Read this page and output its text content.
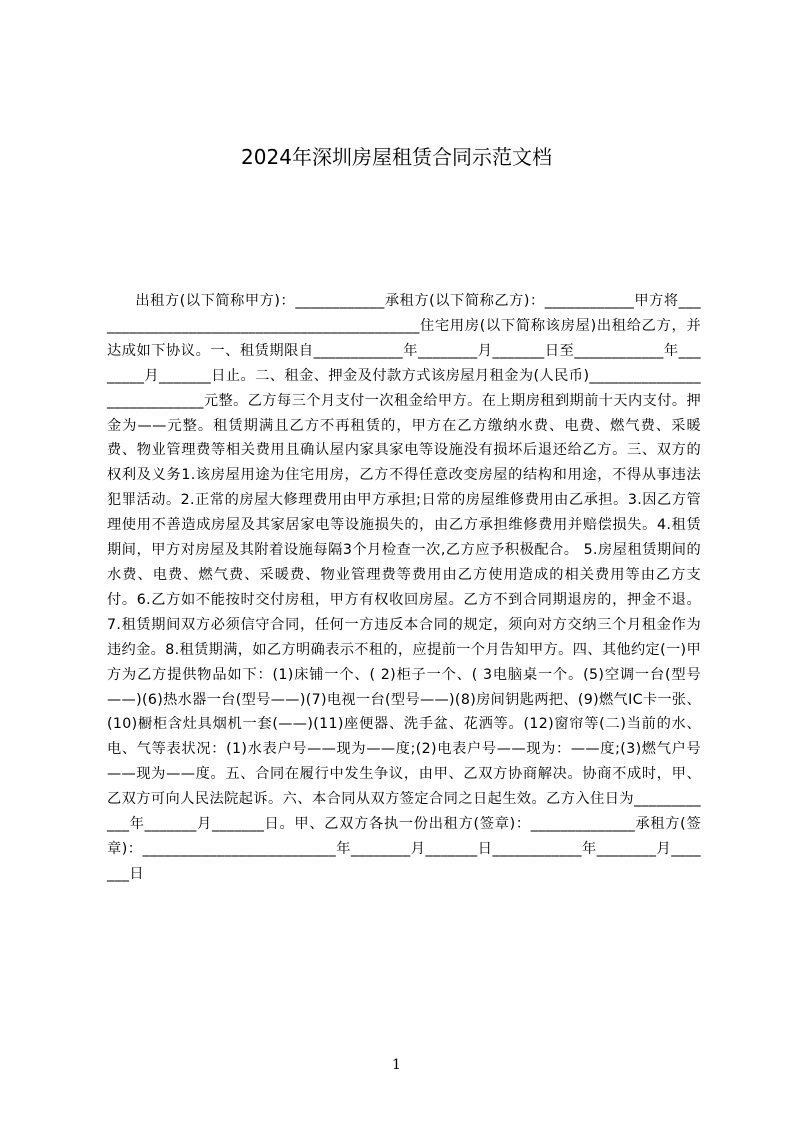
2024年深圳房屋租赁合同示范文档

出租方(以下简称甲方)：____________承租方(以下简称乙方)：____________甲方将_____________________________________________住宅用房(以下简称该房屋)出租给乙方，并达成如下协议。一、租赁期限自____________年________月_______日至____________年________月_______日止。二、租金、押金及付款方式该房屋月租金为(人民币)____________________________元整。乙方每三个月支付一次租金给甲方。在上期房租到期前十天内支付。押金为——元整。租赁期满且乙方不再租赁的，甲方在乙方缴纳水费、电费、燃气费、采暖费、物业管理费等相关费用且确认屋内家具家电等设施没有损坏后退还给乙方。三、双方的权利及义务1.该房屋用途为住宅用房，乙方不得任意改变房屋的结构和用途，不得从事违法犯罪活动。2.正常的房屋大修理费用由甲方承担;日常的房屋维修费用由乙承担。3.因乙方管理使用不善造成房屋及其家居家电等设施损失的，由乙方承担维修费用并赔偿损失。4.租赁期间，甲方对房屋及其附着设施每隔3个月检查一次,乙方应予积极配合。 5.房屋租赁期间的水费、电费、燃气费、采暖费、物业管理费等费用由乙方使用造成的相关费用等由乙方支付。6.乙方如不能按时交付房租，甲方有权收回房屋。乙方不到合同期退房的，押金不退。7.租赁期间双方必须信守合同，任何一方违反本合同的规定，须向对方交纳三个月租金作为违约金。8.租赁期满，如乙方明确表示不租的，应提前一个月告知甲方。四、其他约定(一)甲方为乙方提供物品如下：(1)床铺一个、( 2)柜子一个、( 3电脑桌一个。(5)空调一台(型号——)(6)热水器一台(型号——)(7)电视一台(型号——)(8)房间钥匙两把、(9)燃气IC卡一张、(10)橱柜含灶具烟机一套(——)(11)座便器、洗手盆、花洒等。(12)窗帘等(二)当前的水、电、气等表状况：(1)水表户号——现为——度;(2)电表户号——现为：——度;(3)燃气户号——现为——度。五、合同在履行中发生争议，由甲、乙双方协商解决。协商不成时，甲、乙双方可向人民法院起诉。六、本合同从双方签定合同之日起生效。乙方入住日为____________年_______月_______日。甲、乙双方各执一份出租方(签章)：______________承租方(签章)：__________________________年________月_______日____________年________月_______日

1
